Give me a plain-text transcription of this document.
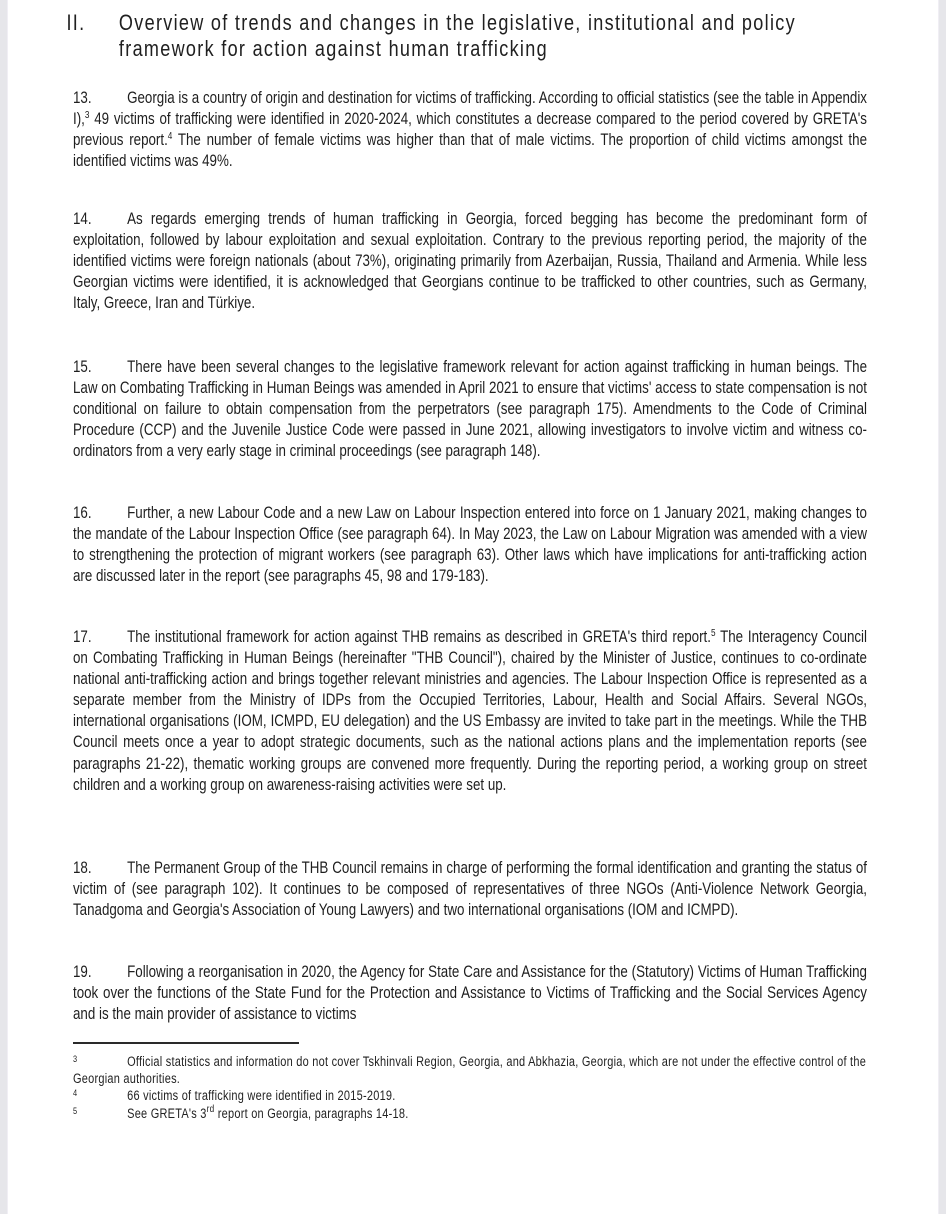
II. Overview of trends and changes in the legislative, institutional and policy framework for action against human trafficking

13. Georgia is a country of origin and destination for victims of trafficking. According to official statistics (see the table in Appendix I),$^3$ 49 victims of trafficking were identified in 2020-2024, which constitutes a decrease compared to the period covered by GRETA's previous report.$^4$ The number of female victims was higher than that of male victims. The proportion of child victims amongst the identified victims was 49%.

14. As regards emerging trends of human trafficking in Georgia, forced begging has become the predominant form of exploitation, followed by labour exploitation and sexual exploitation. Contrary to the previous reporting period, the majority of the identified victims were foreign nationals (about 73%), originating primarily from Azerbaijan, Russia, Thailand and Armenia. While less Georgian victims were identified, it is acknowledged that Georgians continue to be trafficked to other countries, such as Germany, Italy, Greece, Iran and Türkiye.

15. There have been several changes to the legislative framework relevant for action against trafficking in human beings. The Law on Combating Trafficking in Human Beings was amended in April 2021 to ensure that victims' access to state compensation is not conditional on failure to obtain compensation from the perpetrators (see paragraph 175). Amendments to the Code of Criminal Procedure (CCP) and the Juvenile Justice Code were passed in June 2021, allowing investigators to involve victim and witness co-ordinators from a very early stage in criminal proceedings (see paragraph 148).

16. Further, a new Labour Code and a new Law on Labour Inspection entered into force on 1 January 2021, making changes to the mandate of the Labour Inspection Office (see paragraph 64). In May 2023, the Law on Labour Migration was amended with a view to strengthening the protection of migrant workers (see paragraph 63). Other laws which have implications for anti-trafficking action are discussed later in the report (see paragraphs 45, 98 and 179-183).

17. The institutional framework for action against THB remains as described in GRETA's third report.$^5$ The Interagency Council on Combating Trafficking in Human Beings (hereinafter "THB Council"), chaired by the Minister of Justice, continues to co-ordinate national anti-trafficking action and brings together relevant ministries and agencies. The Labour Inspection Office is represented as a separate member from the Ministry of IDPs from the Occupied Territories, Labour, Health and Social Affairs. Several NGOs, international organisations (IOM, ICMPD, EU delegation) and the US Embassy are invited to take part in the meetings. While the THB Council meets once a year to adopt strategic documents, such as the national actions plans and the implementation reports (see paragraphs 21-22), thematic working groups are convened more frequently. During the reporting period, a working group on street children and a working group on awareness-raising activities were set up.

18. The Permanent Group of the THB Council remains in charge of performing the formal identification and granting the status of victim of (see paragraph 102). It continues to be composed of representatives of three NGOs (Anti-Violence Network Georgia, Tanadgoma and Georgia's Association of Young Lawyers) and two international organisations (IOM and ICMPD).

19. Following a reorganisation in 2020, the Agency for State Care and Assistance for the (Statutory) Victims of Human Trafficking took over the functions of the State Fund for the Protection and Assistance to Victims of Trafficking and the Social Services Agency and is the main provider of assistance to victims

3	Official statistics and information do not cover Tskhinvali Region, Georgia, and Abkhazia, Georgia, which are not under the effective control of the Georgian authorities.

4	66 victims of trafficking were identified in 2015-2019.

5	See GRETA's 3rd report on Georgia, paragraphs 14-18.
